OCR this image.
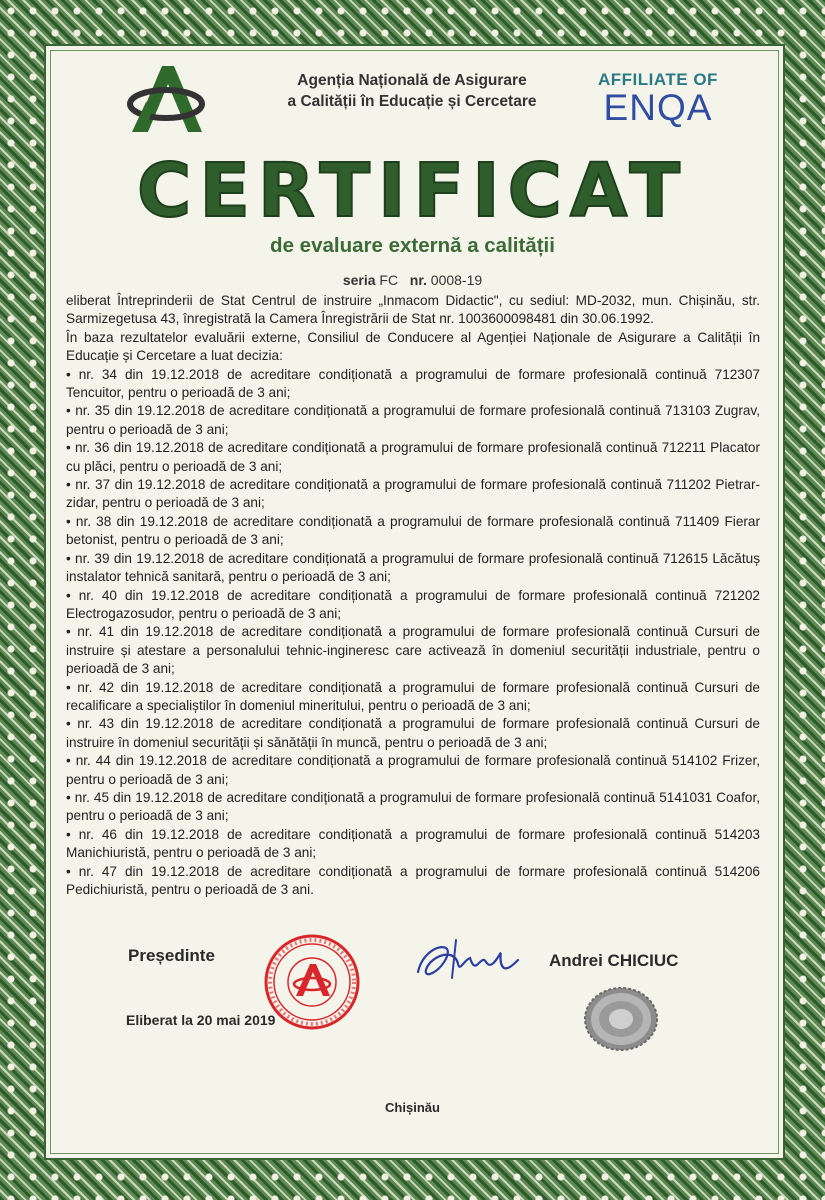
Agenția Națională de Asigurare
a Calității în Educație și Cercetare
AFFILIATE OF
ENQA
CERTIFICAT
de evaluare externă a calității
seria FC nr. 0008-19

eliberat Întreprinderii de Stat Centrul de instruire „Inmacom Didactic", cu sediul: MD-2032, mun. Chișinău, str. Sarmizegetusa 43, înregistrată la Camera Înregistrării de Stat nr. 1003600098481 din 30.06.1992.

În baza rezultatelor evaluării externe, Consiliul de Conducere al Agenției Naționale de Asigurare a Calității în Educație și Cercetare a luat decizia:

• nr. 34 din 19.12.2018 de acreditare condiționată a programului de formare profesională continuă 712307 Tencuitor, pentru o perioadă de 3 ani;

• nr. 35 din 19.12.2018 de acreditare condiționată a programului de formare profesională continuă 713103 Zugrav, pentru o perioadă de 3 ani;

• nr. 36 din 19.12.2018 de acreditare condiționată a programului de formare profesională continuă 712211 Placator cu plăci, pentru o perioadă de 3 ani;

• nr. 37 din 19.12.2018 de acreditare condiționată a programului de formare profesională continuă 711202 Pietrar-zidar, pentru o perioadă de 3 ani;

• nr. 38 din 19.12.2018 de acreditare condiționată a programului de formare profesională continuă 711409 Fierar betonist, pentru o perioadă de 3 ani;

• nr. 39 din 19.12.2018 de acreditare condiționată a programului de formare profesională continuă 712615 Lăcătuș instalator tehnică sanitară, pentru o perioadă de 3 ani;

• nr. 40 din 19.12.2018 de acreditare condiționată a programului de formare profesională continuă 721202 Electrogazosudor, pentru o perioadă de 3 ani;

• nr. 41 din 19.12.2018 de acreditare condiționată a programului de formare profesională continuă Cursuri de instruire și atestare a personalului tehnic-ingineresc care activează în domeniul securității industriale, pentru o perioadă de 3 ani;

• nr. 42 din 19.12.2018 de acreditare condiționată a programului de formare profesională continuă Cursuri de recalificare a specialiștilor în domeniul mineritului, pentru o perioadă de 3 ani;

• nr. 43 din 19.12.2018 de acreditare condiționată a programului de formare profesională continuă Cursuri de instruire în domeniul securității și sănătății în muncă, pentru o perioadă de 3 ani;

• nr. 44 din 19.12.2018 de acreditare condiționată a programului de formare profesională continuă 514102 Frizer, pentru o perioadă de 3 ani;

• nr. 45 din 19.12.2018 de acreditare condiționată a programului de formare profesională continuă 5141031 Coafor, pentru o perioadă de 3 ani;

• nr. 46 din 19.12.2018 de acreditare condiționată a programului de formare profesională continuă 514203 Manichiuristă, pentru o perioadă de 3 ani;

• nr. 47 din 19.12.2018 de acreditare condiționată a programului de formare profesională continuă 514206 Pedichiuristă, pentru o perioadă de 3 ani.

Președinte	Andrei CHICIUC
Eliberat la 20 mai 2019
Chișinău
